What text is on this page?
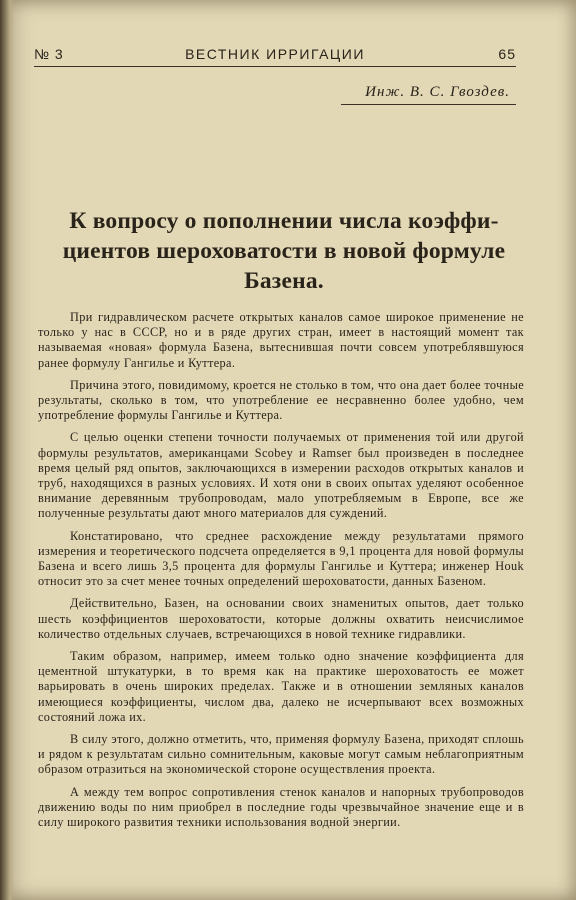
№ 3	ВЕСТНИК ИРРИГАЦИИ	65
Инж. В. С. Гвоздев.
К вопросу о пополнении числа коэффи-циентов шероховатости в новой формуле Базена.

При гидравлическом расчете открытых каналов самое широкое применение не только у нас в СССР, но и в ряде других стран, имеет в настоящий момент так называемая «новая» формула Базена, вытеснившая почти совсем употреблявшуюся ранее формулу Гангилье и Куттера.

Причина этого, повидимому, кроется не столько в том, что она дает более точные результаты, сколько в том, что употребление ее несравненно более удобно, чем употребление формулы Гангилье и Куттера.

С целью оценки степени точности получаемых от применения той или другой формулы результатов, американцами Scobey и Ramser был произведен в последнее время целый ряд опытов, заключающихся в измерении расходов открытых каналов и труб, находящихся в разных условиях. И хотя они в своих опытах уделяют особенное внимание деревянным трубопроводам, мало употребляемым в Европе, все же полученные результаты дают много материалов для суждений.

Констатировано, что среднее расхождение между результатами прямого измерения и теоретического подсчета определяется в 9,1 процента для новой формулы Базена и всего лишь 3,5 процента для формулы Гангилье и Куттера; инженер Houk относит это за счет менее точных определений шероховатости, данных Базеном.

Действительно, Базен, на основании своих знаменитых опытов, дает только шесть коэффициентов шероховатости, которые должны охватить неисчислимое количество отдельных случаев, встречающихся в новой технике гидравлики.

Таким образом, например, имеем только одно значение коэффициента для цементной штукатурки, в то время как на практике шероховатость ее может варьировать в очень широких пределах. Также и в отношении земляных каналов имеющиеся коэффициенты, числом два, далеко не исчерпывают всех возможных состояний ложа их.

В силу этого, должно отметить, что, применяя формулу Базена, приходят сплошь и рядом к результатам сильно сомнительным, каковые могут самым неблагоприятным образом отразиться на экономической стороне осуществления проекта.

А между тем вопрос сопротивления стенок каналов и напорных трубопроводов движению воды по ним приобрел в последние годы чрезвычайное значение еще и в силу широкого развития техники использования водной энергии.
